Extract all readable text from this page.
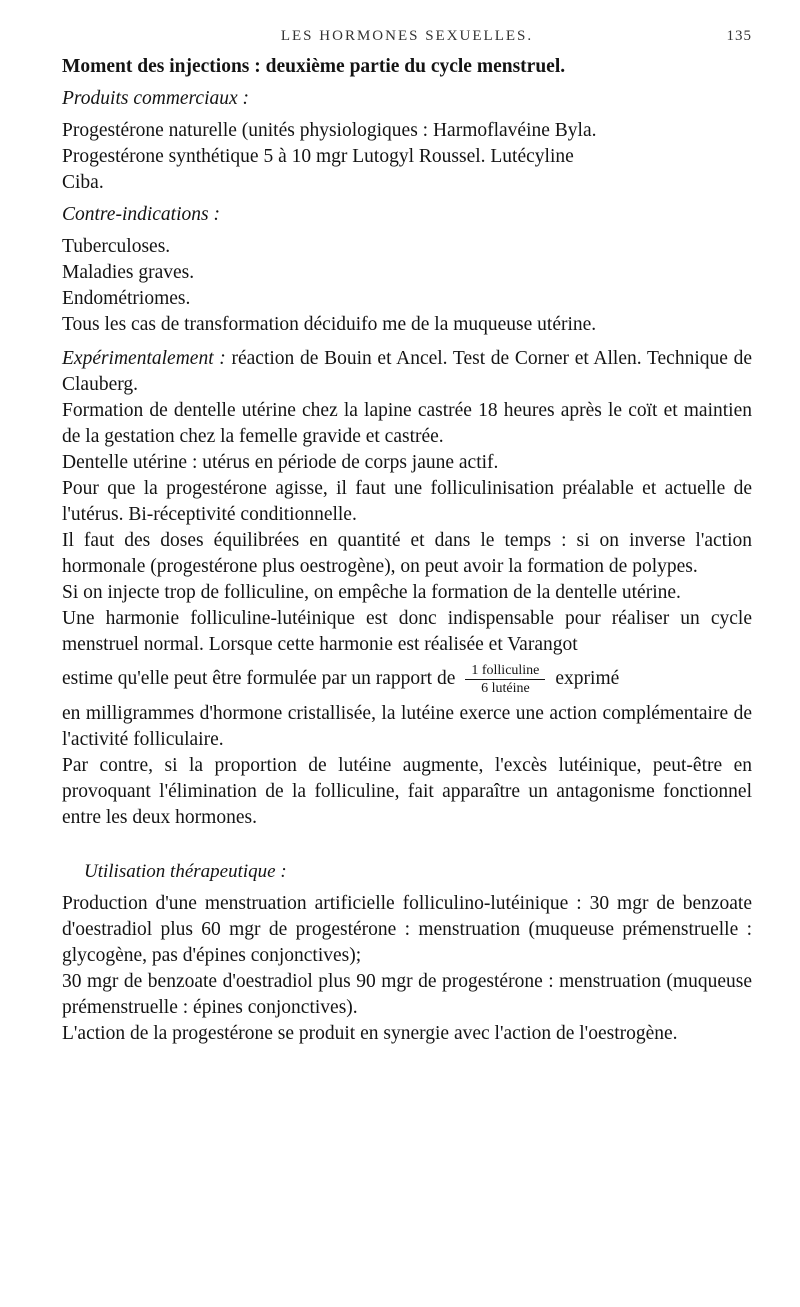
LES HORMONES SEXUELLES.	135

Moment des injections : deuxième partie du cycle menstruel.

Produits commerciaux :

Progestérone naturelle (unités physiologiques : Harmoflavéine Byla.

Progestérone synthétique 5 à 10 mgr Lutogyl Roussel. Lutécyline

Ciba.

Contre-indications :

Tuberculoses.

Maladies graves.

Endométriomes.

Tous les cas de transformation déciduifo me de la muqueuse utérine.

Expérimentalement : réaction de Bouin et Ancel. Test de Corner et Allen. Technique de Clauberg.

Formation de dentelle utérine chez la lapine castrée 18 heures après le coït et maintien de la gestation chez la femelle gravide et castrée.

Dentelle utérine : utérus en période de corps jaune actif.

Pour que la progestérone agisse, il faut une folliculinisation préalable et actuelle de l'utérus. Bi-réceptivité conditionnelle.

Il faut des doses équilibrées en quantité et dans le temps : si on inverse l'action hormonale (progestérone plus oestrogène), on peut avoir la formation de polypes.

Si on injecte trop de folliculine, on empêche la formation de la dentelle utérine.

Une harmonie folliculine-lutéinique est donc indispensable pour réaliser un cycle menstruel normal. Lorsque cette harmonie est réalisée et Varangot

estime qu'elle peut être formulée par un rapport de $\frac{\text{1 folliculine}}{\text{6 lutéine}}$ exprimé

en milligrammes d'hormone cristallisée, la lutéine exerce une action complémentaire de l'activité folliculaire.

Par contre, si la proportion de lutéine augmente, l'excès lutéinique, peut-être en provoquant l'élimination de la folliculine, fait apparaître un antagonisme fonctionnel entre les deux hormones.

Utilisation thérapeutique :

Production d'une menstruation artificielle folliculino-lutéinique : 30 mgr de benzoate d'oestradiol plus 60 mgr de progestérone : menstruation (muqueuse prémenstruelle : glycogène, pas d'épines conjonctives);

30 mgr de benzoate d'oestradiol plus 90 mgr de progestérone : menstruation (muqueuse prémenstruelle : épines conjonctives).

L'action de la progestérone se produit en synergie avec l'action de l'oestrogène.
